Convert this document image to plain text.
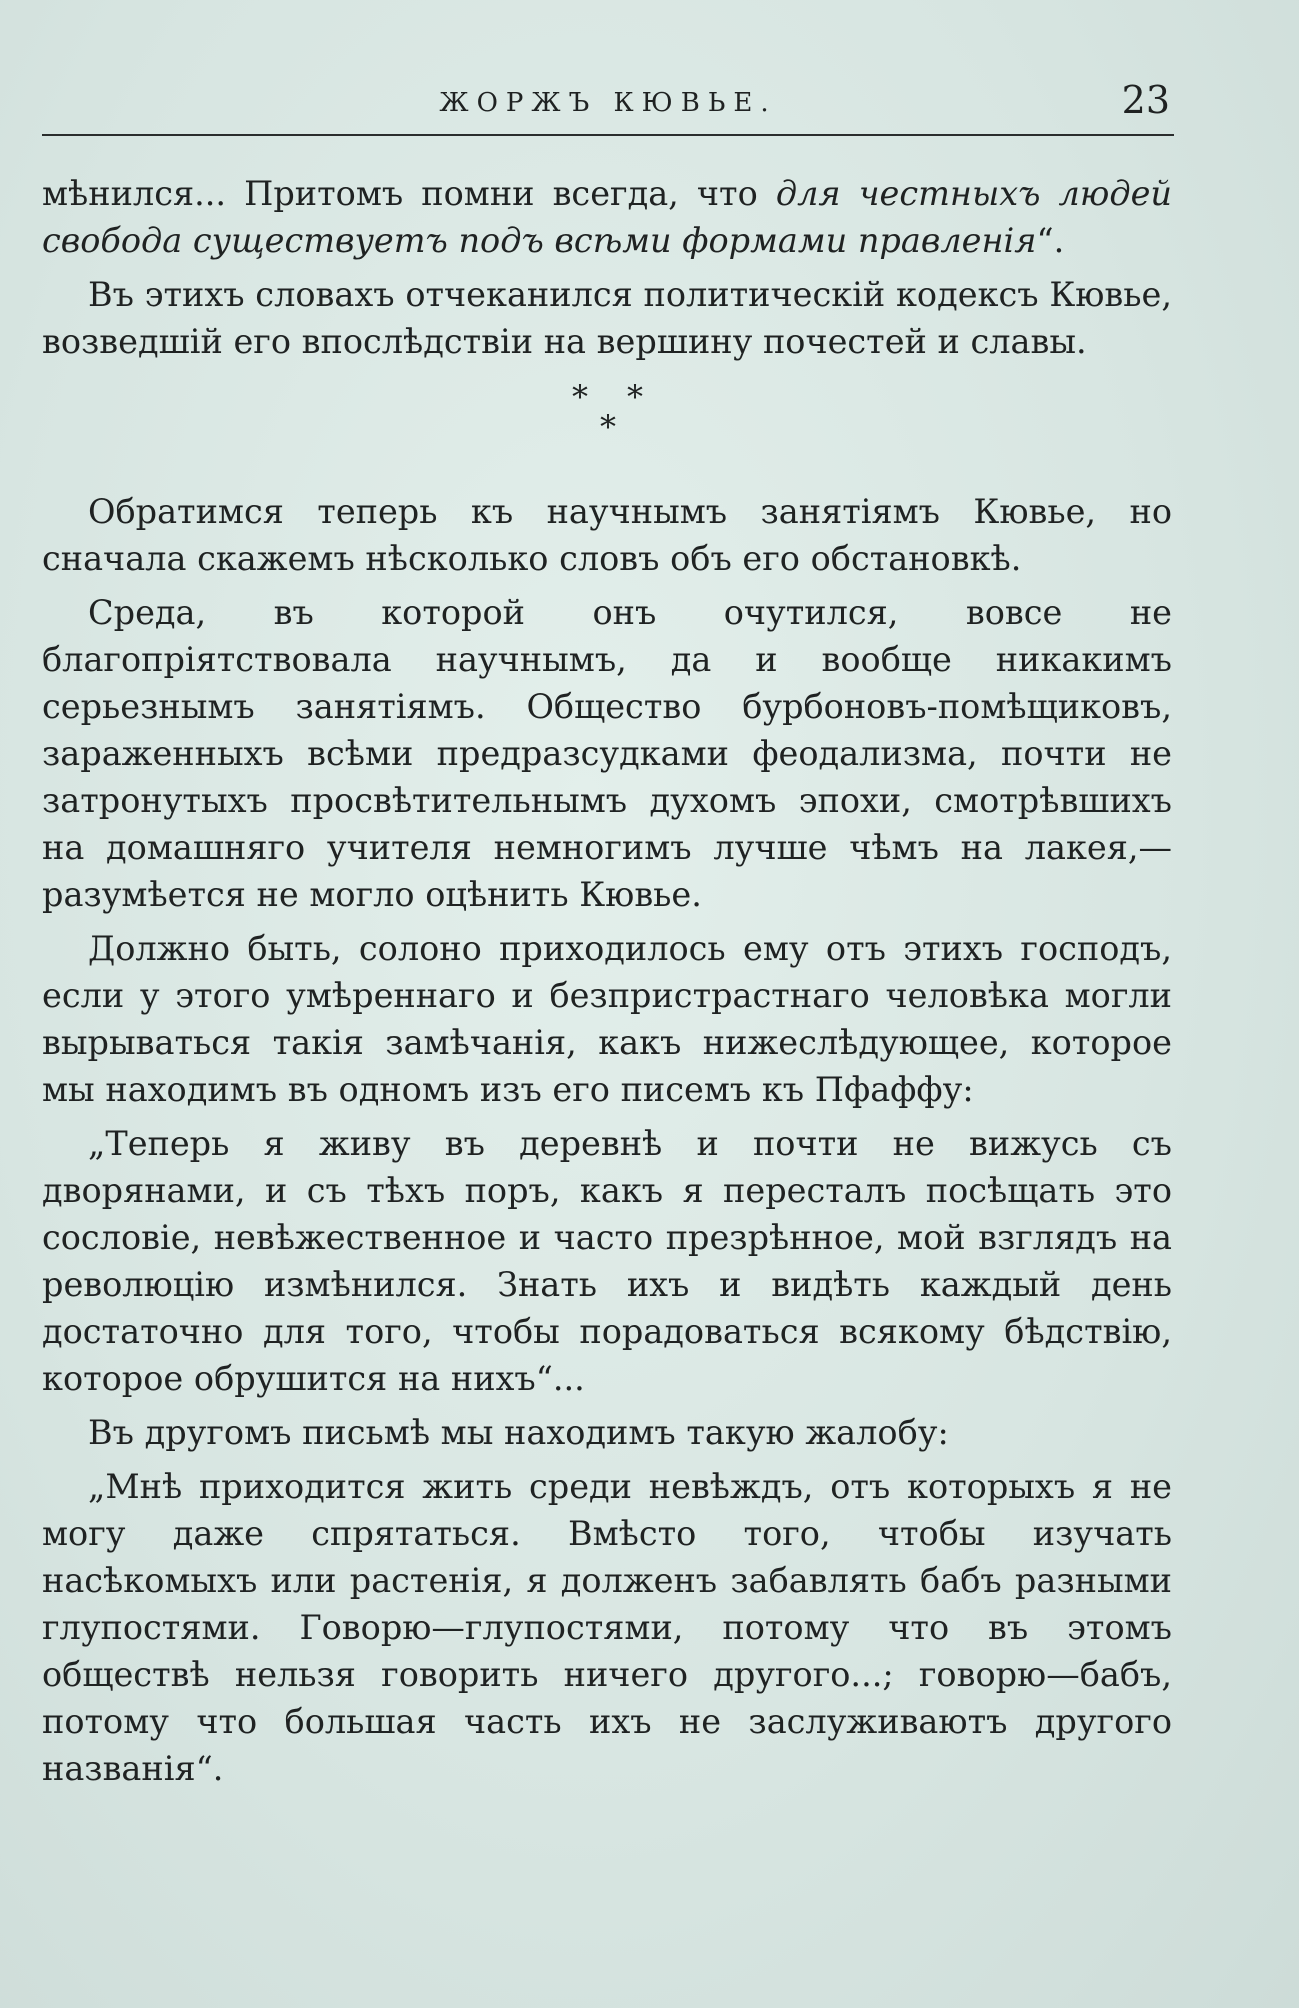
ЖОРЖЪ КЮВЬЕ.	23

мѣнился... Притомъ помни всегда, что для честныхъ людей свобода существуетъ подъ всѣми формами правленія“.

Въ этихъ словахъ отчеканился политическій кодексъ Кювье, возведшій его впослѣдствіи на вершину почестей и славы.

* *
*

Обратимся теперь къ научнымъ занятіямъ Кювье, но сначала скажемъ нѣсколько словъ объ его обстановкѣ.

Среда, въ которой онъ очутился, вовсе не благопріятствовала научнымъ, да и вообще никакимъ серьезнымъ занятіямъ. Общество бурбоновъ-помѣщиковъ, зараженныхъ всѣми предразсудками феодализма, почти не затронутыхъ просвѣтительнымъ духомъ эпохи, смотрѣвшихъ на домашняго учителя немногимъ лучше чѣмъ на лакея,—разумѣется не могло оцѣнить Кювье.

Должно быть, солоно приходилось ему отъ этихъ господъ, если у этого умѣреннаго и безпристрастнаго человѣка могли вырываться такія замѣчанія, какъ нижеслѣдующее, которое мы находимъ въ одномъ изъ его писемъ къ Пфаффу:

„Теперь я живу въ деревнѣ и почти не вижусь съ дворянами, и съ тѣхъ поръ, какъ я пересталъ посѣщать это сословіе, невѣжественное и часто презрѣнное, мой взглядъ на революцію измѣнился. Знать ихъ и видѣть каждый день достаточно для того, чтобы порадоваться всякому бѣдствію, которое обрушится на нихъ“...

Въ другомъ письмѣ мы находимъ такую жалобу:

„Мнѣ приходится жить среди невѣждъ, отъ которыхъ я не могу даже спрятаться. Вмѣсто того, чтобы изучать насѣкомыхъ или растенія, я долженъ забавлять бабъ разными глупостями. Говорю—глупостями, потому что въ этомъ обществѣ нельзя говорить ничего другого...; говорю—бабъ, потому что большая часть ихъ не заслуживаютъ другого названія“.
